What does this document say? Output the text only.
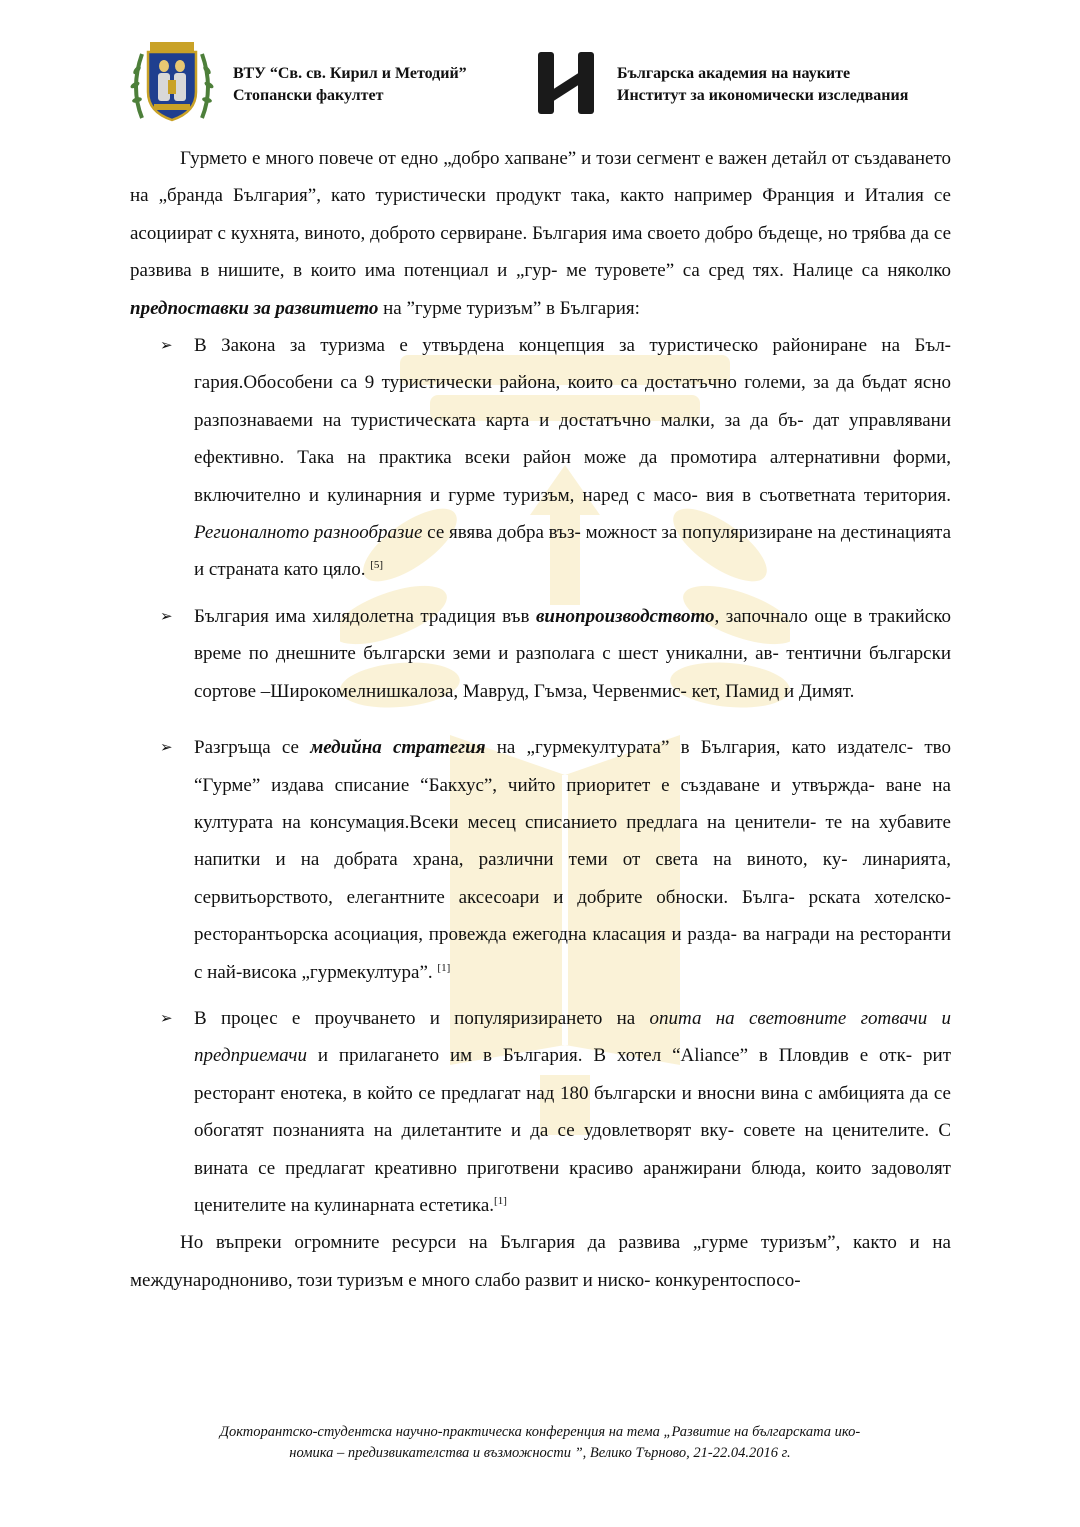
ВТУ “Св. св. Кирил и Методий”
Стопански факултет
Българска академия на науките
Институт за икономически изследвания

Гурмето е много повече от едно „добро хапване” и този сегмент е важен детайл от създаването на „бранда България”, като туристически продукт така, както например Франция и Италия се асоциират с кухнята, виното, доброто сервиране. България има своето добро бъдеще, но трябва да се развива в нишите, в които има потенциал и „гур- ме туровете” са сред тях. Налице са няколко предпоставки за развитието на ”гурме туризъм” в България:

➢ В Закона за туризма е утвърдена концепция за туристическо райониране на Бъл- гария.Обособени са 9 туристически района, които са достатъчно големи, за да бъдат ясно разпознаваеми на туристическата карта и достатъчно малки, за да бъ- дат управлявани ефективно. Така на практика всеки район може да промотира алтернативни форми, включително и кулинарния и гурме туризъм, наред с масо- вия в съответната територия. Регионалното разнообразие се явява добра въз- можност за популяризиране на дестинацията и страната като цяло. [5]
➢ България има хилядолетна традиция във винопроизводството, започнало още в тракийско време по днешните български земи и разполага с шест уникални, ав- тентични български сортове –Широкомелнишкалоза, Мавруд, Гъмза, Червенмис- кет, Памид и Димят.
➢ Разгръща се медийна стратегия на „гурмекултурата” в България, като издателс- тво “Гурме” издава списание “Бакхус”, чийто приоритет е създаване и утвържда- ване на културата на консумация.Всеки месец списанието предлага на ценители- те на хубавите напитки и на добрата храна, различни теми от света на виното, ку- линарията, сервитьорството, елегантните аксесоари и добрите обноски. Бълга- рската хотелско-ресторантьорска асоциация, провежда ежегодна класация и разда- ва награди на ресторанти с най-висока „гурмекултура”. [1]
➢ В процес е проучването и популяризирането на опита на световните готвачи и предприемачи и прилагането им в България. В хотел “Aliance” в Пловдив е отк- рит ресторант енотека, в който се предлагат над 180 български и вносни вина с амбицията да се обогатят познанията на дилетантите и да се удовлетворят вку- совете на ценителите. С вината се предлагат креативно приготвени красиво аранжирани блюда, които задоволят ценителите на кулинарната естетика.[1]

Но въпреки огромните ресурси на България да развива „гурме туризъм”, както и на международнониво, този туризъм е много слабо развит и ниско- конкурентоспосо-

Докторантско-студентска научно-практическа конференция на тема „Развитие на българската ико-
номика – предизвикателства и възможности ”, Велико Търново, 21-22.04.2016 г.
